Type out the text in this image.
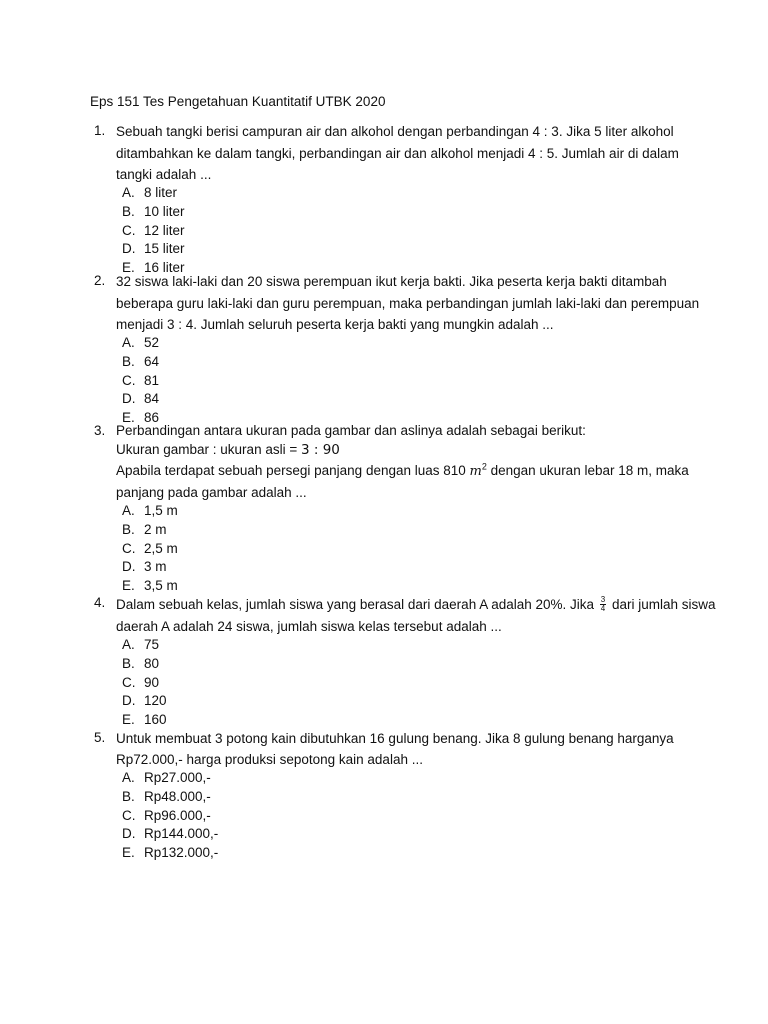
Eps 151 Tes Pengetahuan Kuantitatif UTBK 2020
1. Sebuah tangki berisi campuran air dan alkohol dengan perbandingan 4 : 3. Jika 5 liter alkohol
ditambahkan ke dalam tangki, perbandingan air dan alkohol menjadi 4 : 5. Jumlah air di dalam
tangki adalah ...
A. 8 liter
B. 10 liter
C. 12 liter
D. 15 liter
E. 16 liter
2. 32 siswa laki-laki dan 20 siswa perempuan ikut kerja bakti. Jika peserta kerja bakti ditambah
beberapa guru laki-laki dan guru perempuan, maka perbandingan jumlah laki-laki dan perempuan
menjadi 3 : 4. Jumlah seluruh peserta kerja bakti yang mungkin adalah ...
A. 52
B. 64
C. 81
D. 84
E. 86
3. Perbandingan antara ukuran pada gambar dan aslinya adalah sebagai berikut:
Ukuran gambar : ukuran asli = 3 : 90
Apabila terdapat sebuah persegi panjang dengan luas 810 $m^2$ dengan ukuran lebar 18 m, maka
panjang pada gambar adalah ...
A. 1,5 m
B. 2 m
C. 2,5 m
D. 3 m
E. 3,5 m
4. Dalam sebuah kelas, jumlah siswa yang berasal dari daerah A adalah 20%. Jika $\frac{3}{4}$ dari jumlah siswa
daerah A adalah 24 siswa, jumlah siswa kelas tersebut adalah ...
A. 75
B. 80
C. 90
D. 120
E. 160
5. Untuk membuat 3 potong kain dibutuhkan 16 gulung benang. Jika 8 gulung benang harganya
Rp72.000,- harga produksi sepotong kain adalah ...
A. Rp27.000,-
B. Rp48.000,-
C. Rp96.000,-
D. Rp144.000,-
E. Rp132.000,-
